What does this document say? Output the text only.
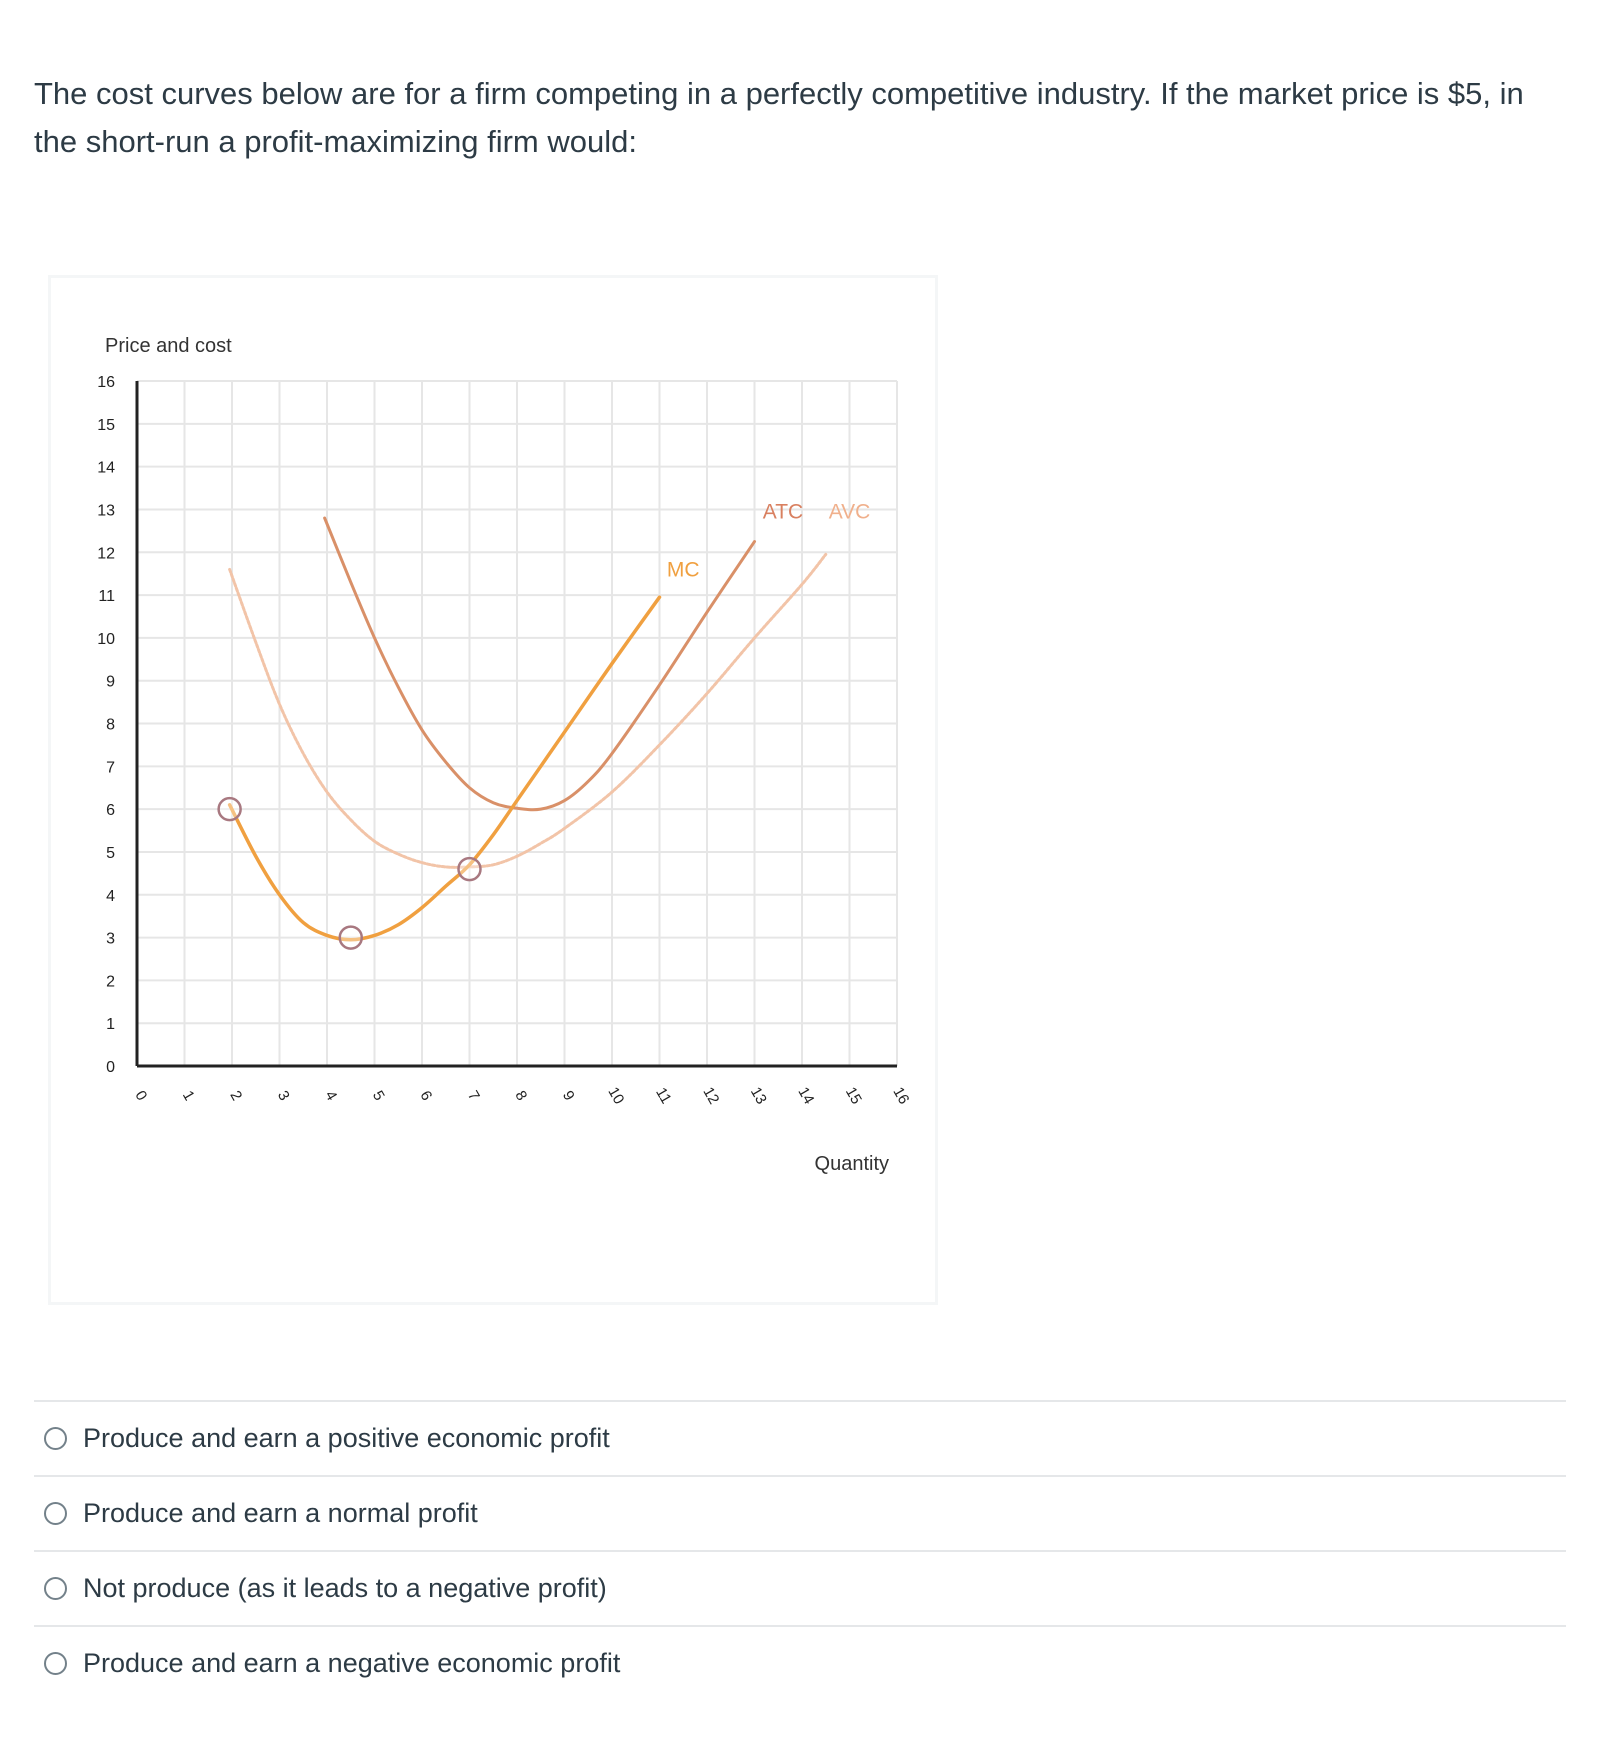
The cost curves below are for a firm competing in a perfectly competitive industry. If the market price is $5, in the short-run a profit-maximizing firm would:

0
1
2
3
4
5
6
7
8
9
10
11
12
13
14
15
16
0 1 2 3 4 5 6 7 8 9 10 11 12 13 14 15 16
Price and cost
Quantity
MC
ATC AVC
Produce and earn a positive economic profit
Produce and earn a normal profit
Not produce (as it leads to a negative profit)
Produce and earn a negative economic profit
